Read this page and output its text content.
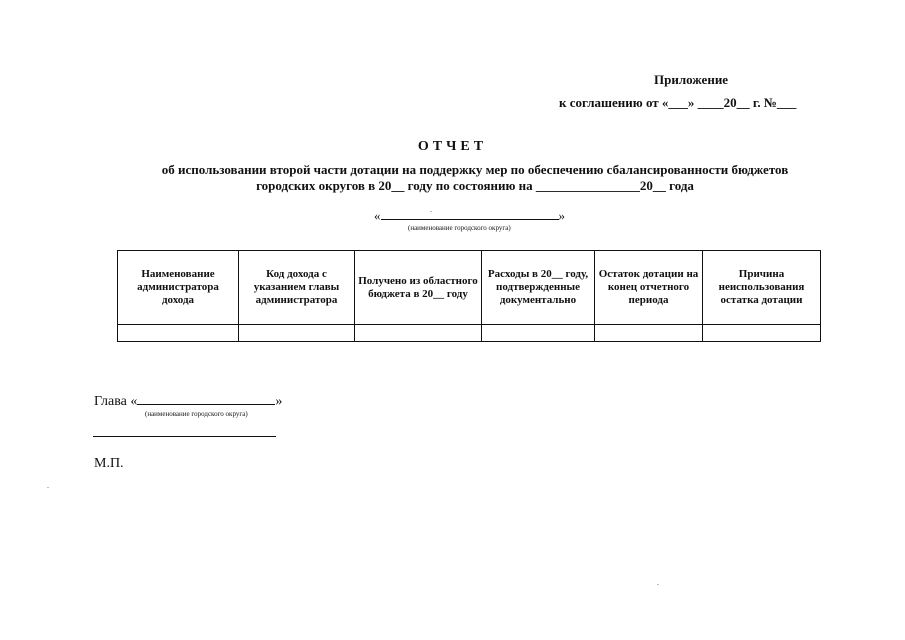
Приложение
к соглашению от «___» ____20__ г. №___
ОТЧЕТ
об использовании второй части дотации на поддержку мер по обеспечению сбалансированности бюджетов
городских округов в 20__ году по состоянию на ________________20__ года
«	»
(наименование городского округа)
Наименование администратора дохода	Код дохода с указанием главы администратора	Получено из областного бюджета в 20__ году	Расходы в 20__ году, подтвержденные документально	Остаток дотации на конец отчетного периода	Причина неиспользования остатка дотации

Глава «	»
(наименование городского округа)
М.П.
